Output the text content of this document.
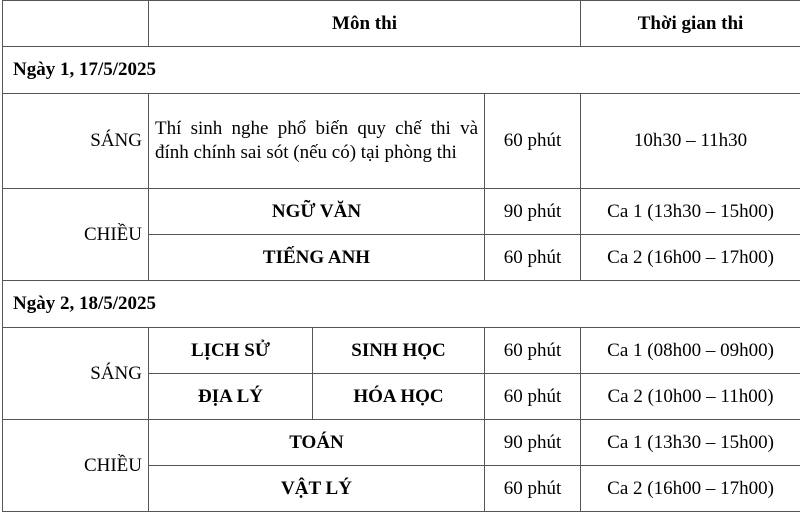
	Môn thi			Thời gian thi
Ngày 1, 17/5/2025				
SÁNG	Thí sinh nghe phổ biến quy chế thi và đính chính sai sót (nếu có) tại phòng thi		60 phút	10h30 – 11h30
CHIỀU	NGỮ VĂN		90 phút	Ca 1 (13h30 – 15h00)
	TIẾNG ANH		60 phút	Ca 2 (16h00 – 17h00)
Ngày 2, 18/5/2025				
SÁNG	LỊCH SỬ	SINH HỌC	60 phút	Ca 1 (08h00 – 09h00)
	ĐỊA LÝ	HÓA HỌC	60 phút	Ca 2 (10h00 – 11h00)
CHIỀU	TOÁN		90 phút	Ca 1 (13h30 – 15h00)
	VẬT LÝ		60 phút	Ca 2 (16h00 – 17h00)
